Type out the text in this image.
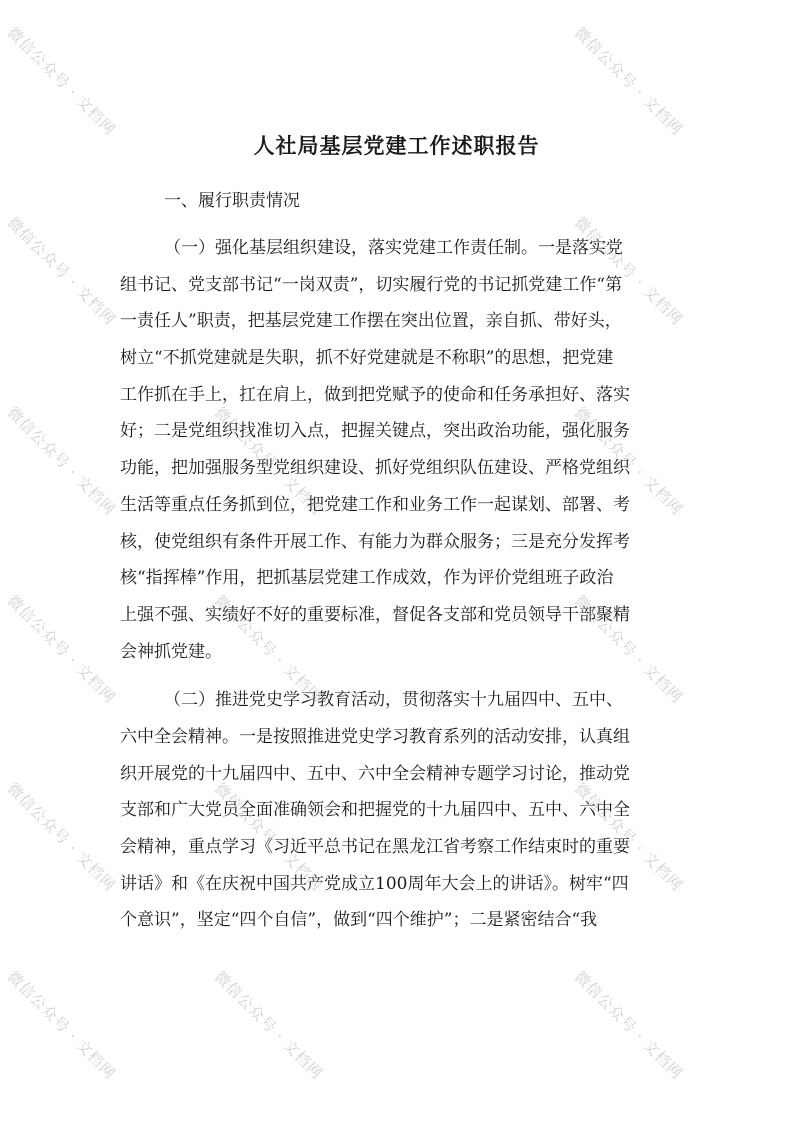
人社局基层党建工作述职报告

一、履行职责情况

（一）强化基层组织建设，落实党建工作责任制。一是落实党
组书记、党支部书记“一岗双责”，切实履行党的书记抓党建工作“第
一责任人”职责，把基层党建工作摆在突出位置，亲自抓、带好头，
树立“不抓党建就是失职，抓不好党建就是不称职”的思想，把党建
工作抓在手上，扛在肩上，做到把党赋予的使命和任务承担好、落实
好；二是党组织找准切入点，把握关键点，突出政治功能，强化服务
功能，把加强服务型党组织建设、抓好党组织队伍建设、严格党组织
生活等重点任务抓到位，把党建工作和业务工作一起谋划、部署、考
核，使党组织有条件开展工作、有能力为群众服务；三是充分发挥考
核“指挥棒”作用，把抓基层党建工作成效，作为评价党组班子政治
上强不强、实绩好不好的重要标准，督促各支部和党员领导干部聚精
会神抓党建。
（二）推进党史学习教育活动，贯彻落实十九届四中、五中、
六中全会精神。一是按照推进党史学习教育系列的活动安排，认真组
织开展党的十九届四中、五中、六中全会精神专题学习讨论，推动党
支部和广大党员全面准确领会和把握党的十九届四中、五中、六中全
会精神，重点学习《习近平总书记在黑龙江省考察工作结束时的重要
讲话》和《在庆祝中国共产党成立100周年大会上的讲话》。树牢“四
个意识”，坚定“四个自信”，做到“四个维护”；二是紧密结合“我
微信公众号 · 文档网	微信公众号 · 文档网
微信公众号 · 文档网	微信公众号 · 文档网
微信公众号 · 文档网	微信公众号 · 文档网
微信公众号 · 文档网
微信公众号 · 文档网	微信公众号 · 文档网	微信公众号 · 文档网
微信公众号 · 文档网	微信公众号 · 文档网	微信公众号 · 文档网
微信公众号 · 文档网	微信公众号 · 文档网	微信公众号 · 文档网
